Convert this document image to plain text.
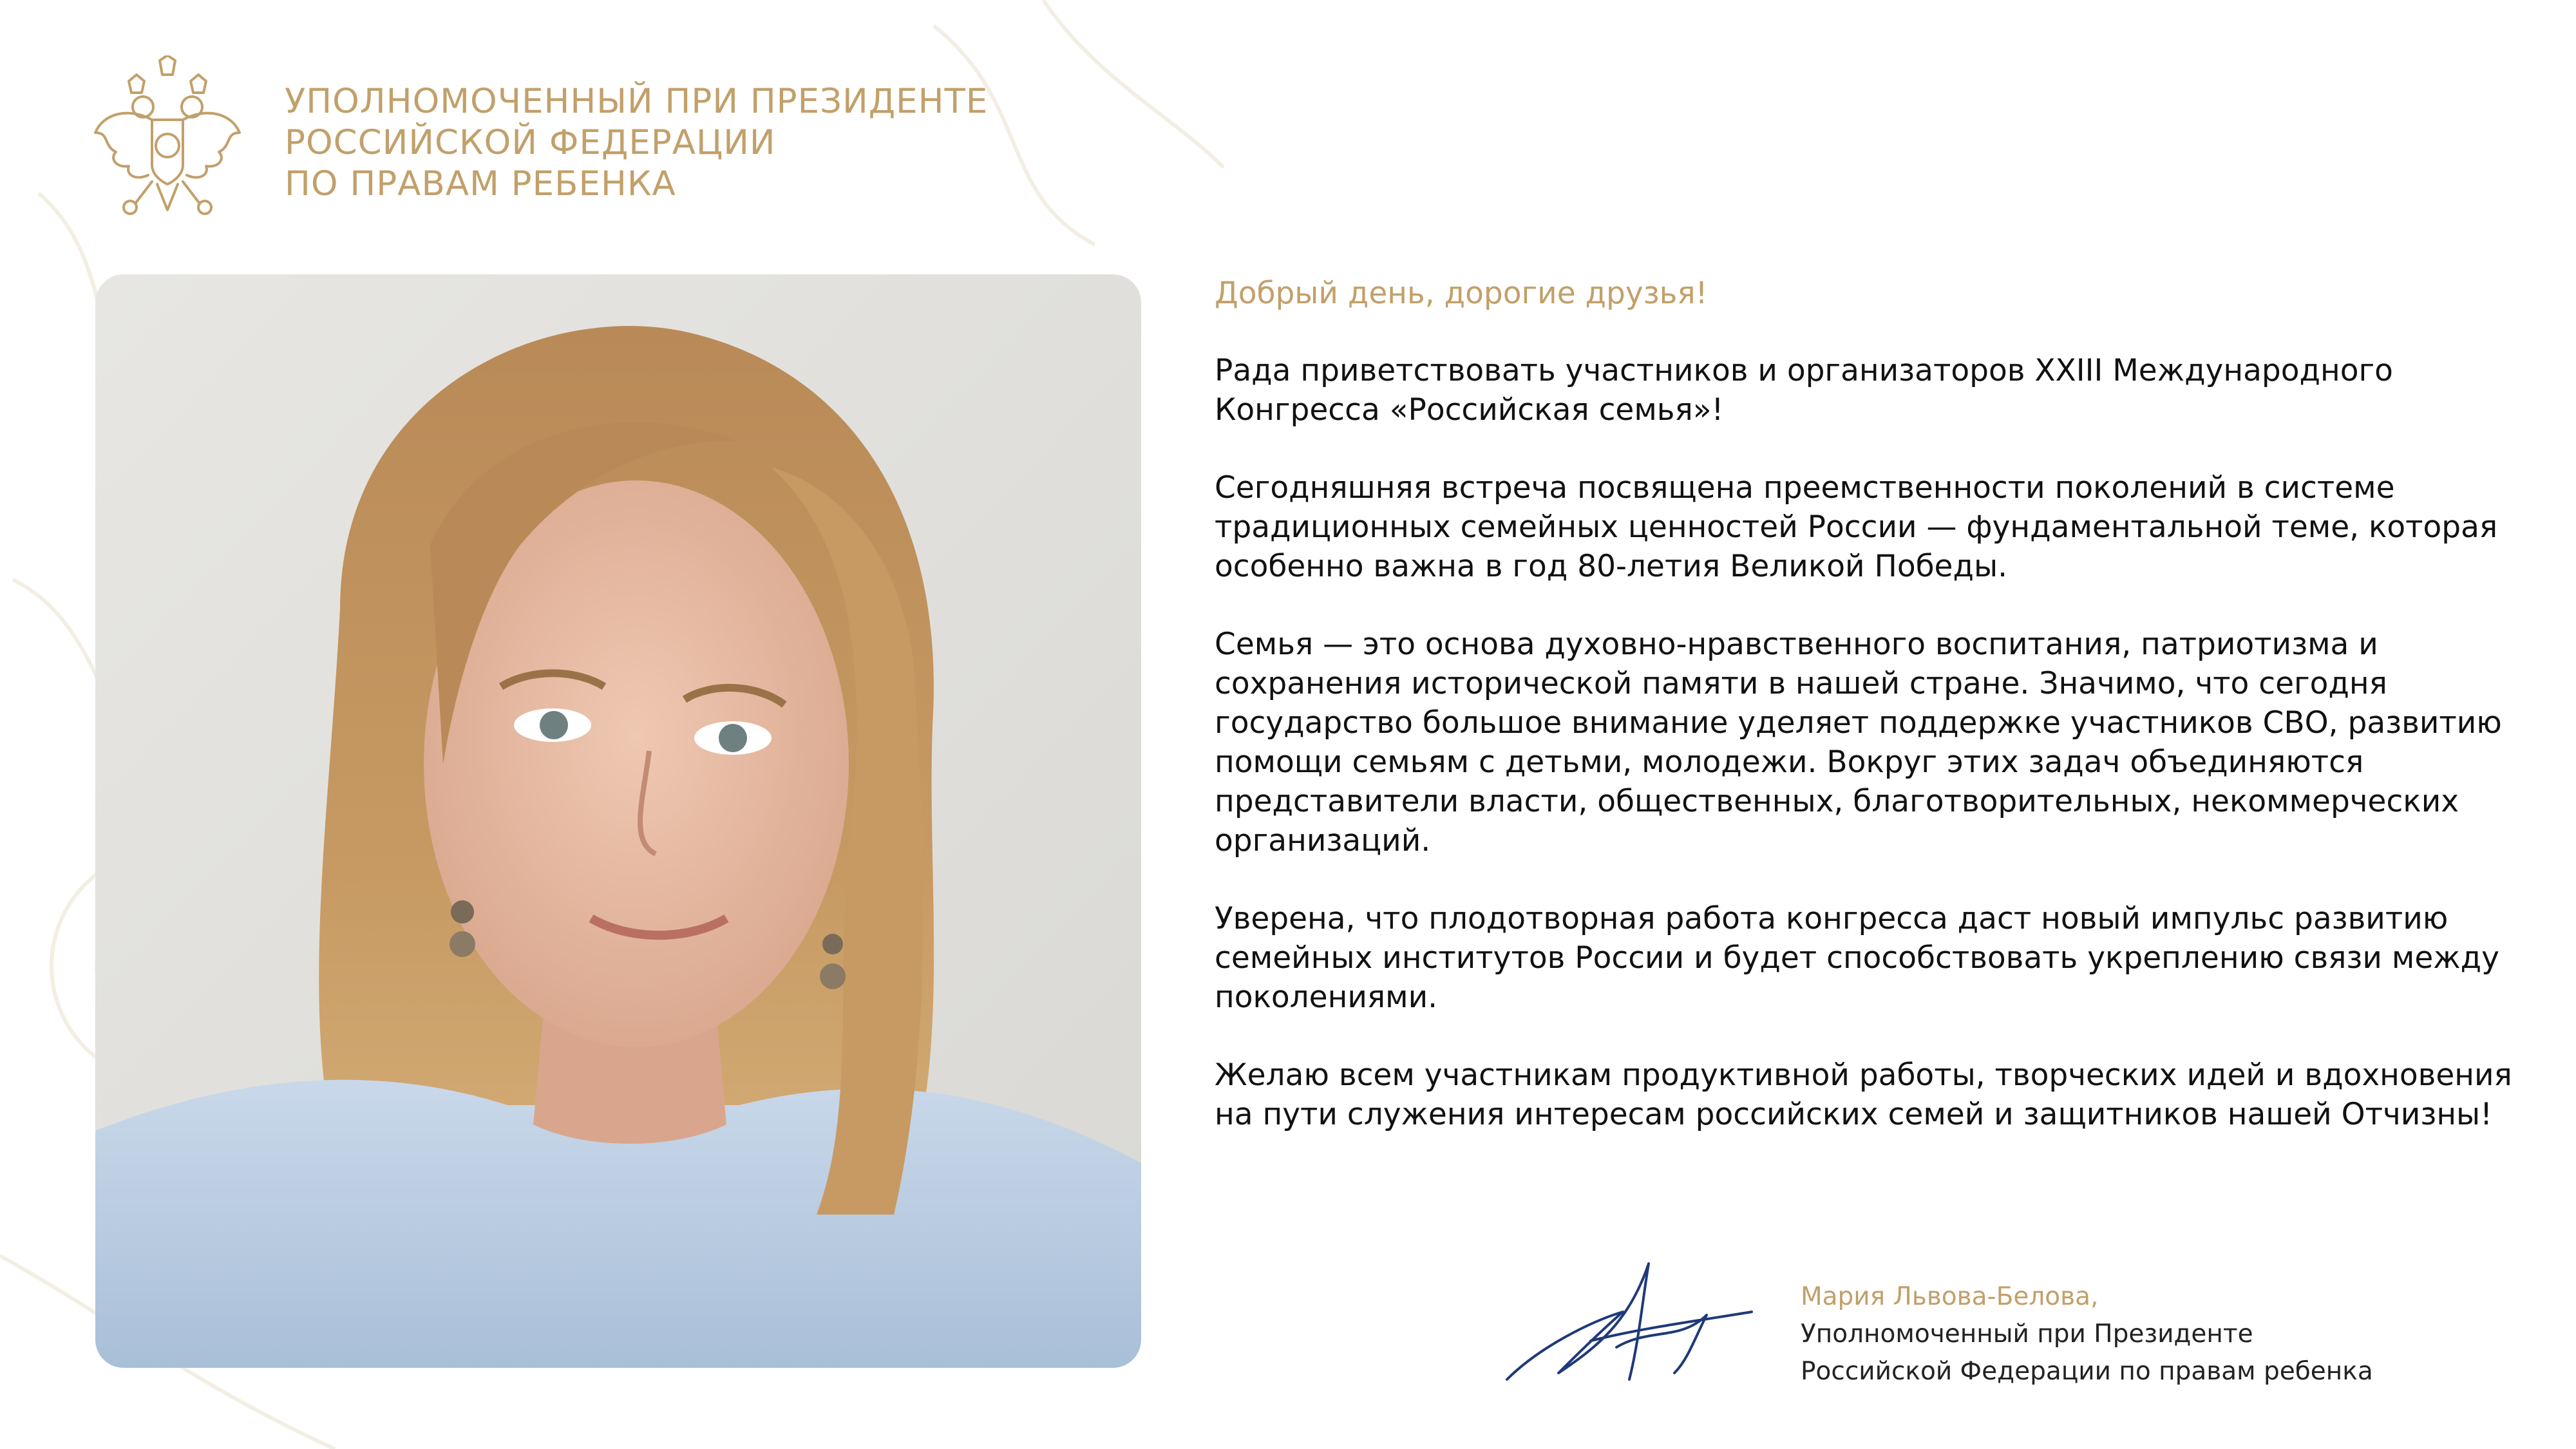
УПОЛНОМОЧЕННЫЙ ПРИ ПРЕЗИДЕНТЕ
РОССИЙСКОЙ ФЕДЕРАЦИИ
ПО ПРАВАМ РЕБЕНКА

Добрый день, дорогие друзья!

Рада приветствовать участников и организаторов XXIII Международного Конгресса «Российская семья»!

Сегодняшняя встреча посвящена преемственности поколений в системе традиционных семейных ценностей России — фундаментальной теме, которая особенно важна в год 80-летия Великой Победы.

Семья — это основа духовно-нравственного воспитания, патриотизма и сохранения исторической памяти в нашей стране. Значимо, что сегодня государство большое внимание уделяет поддержке участников СВО, развитию помощи семьям с детьми, молодежи. Вокруг этих задач объединяются представители власти, общественных, благотворительных, некоммерческих организаций.

Уверена, что плодотворная работа конгресса даст новый импульс развитию семейных институтов России и будет способствовать укреплению связи между поколениями.

Желаю всем участникам продуктивной работы, творческих идей и вдохновения на пути служения интересам российских семей и защитников нашей Отчизны!

Мария Львова-Белова,
Уполномоченный при Президенте
Российской Федерации по правам ребенка
